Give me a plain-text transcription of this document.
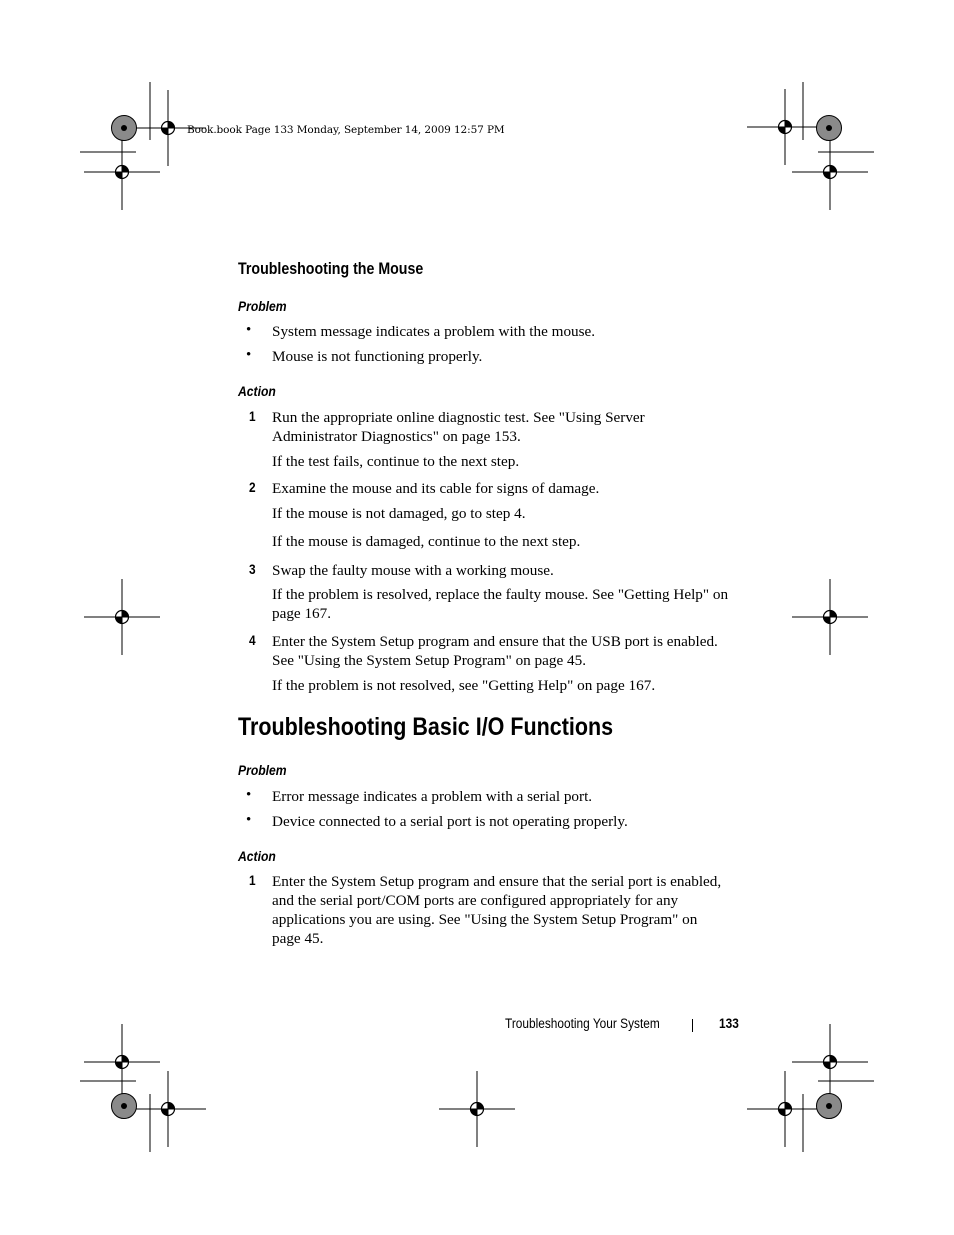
Book.book Page 133 Monday, September 14, 2009 12:57 PM
Troubleshooting the Mouse
Problem
• System message indicates a problem with the mouse.
• Mouse is not functioning properly.
Action
1 Run the appropriate online diagnostic test. See "Using Server
Administrator Diagnostics" on page 153.
If the test fails, continue to the next step.
2 Examine the mouse and its cable for signs of damage.
If the mouse is not damaged, go to step 4.
If the mouse is damaged, continue to the next step.
3 Swap the faulty mouse with a working mouse.
If the problem is resolved, replace the faulty mouse. See "Getting Help" on
page 167.
4 Enter the System Setup program and ensure that the USB port is enabled.
See "Using the System Setup Program" on page 45.
If the problem is not resolved, see "Getting Help" on page 167.
Troubleshooting Basic I/O Functions
Problem
• Error message indicates a problem with a serial port.
• Device connected to a serial port is not operating properly.
Action
1 Enter the System Setup program and ensure that the serial port is enabled,
and the serial port/COM ports are configured appropriately for any
applications you are using. See "Using the System Setup Program" on
page 45.
Troubleshooting Your System	133
